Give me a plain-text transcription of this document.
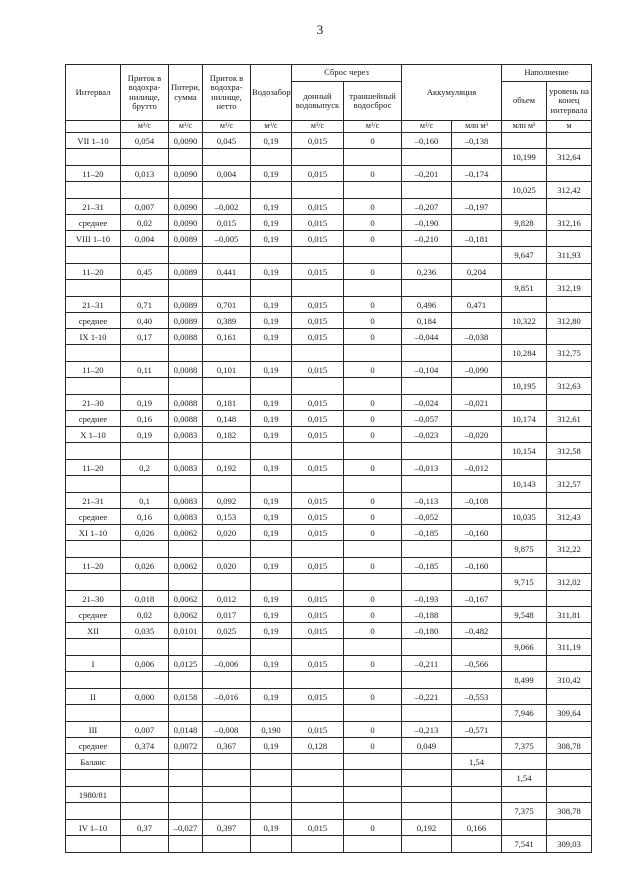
3
Интервал	Приток в водохра-нилище, брутто	Потери, сумма	Приток в водохра-нилище, нетто	Водозабор	Сброс через		Аккумуляция		Наполнение	
					донный водовыпуск	траншейный водосброс			объем	уровень на конец интервала
	м³/с	м³/с	м³/с	м³/с	м³/с	м³/с	м³/с	млн м³	млн м³	м
VII 1–10	0,054	0,0090	0,045	0,19	0,015	0	–0,160	–0,138		
									10,199	312,64
11–20	0,013	0,0090	0,004	0,19	0,015	0	–0,201	–0,174		
									10,025	312,42
21–31	0,007	0,0090	–0,002	0,19	0,015	0	–0,207	–0,197		
среднее	0,02	0,0090	0,015	0,19	0,015	0	–0,190		9,828	312,16
VIII 1–10	0,004	0,0089	–0,005	0,19	0,015	0	–0,210	–0,181		
									9,647	311,93
11–20	0,45	0,0089	0,441	0,19	0,015	0	0,236	0,204		
									9,851	312,19
21–31	0,71	0,0089	0,701	0,19	0,015	0	0,496	0,471		
среднее	0,40	0,0089	0,389	0,19	0,015	0	0,184		10,322	312,80
IX 1-10	0,17	0,0088	0,161	0,19	0,015	0	–0,044	–0,038		
									10,284	312,75
11–20	0,11	0,0088	0,101	0,19	0,015	0	–0,104	–0,090		
									10,195	312,63
21–30	0,19	0,0088	0,181	0,19	0,015	0	–0,024	–0,021		
среднее	0,16	0,0088	0,148	0,19	0,015	0	–0,057		10,174	312,61
X 1–10	0,19	0,0083	0,182	0,19	0,015	0	–0,023	–0,020		
									10,154	312,58
11–20	0,2	0,0083	0,192	0,19	0,015	0	–0,013	–0,012		
									10,143	312,57
21–31	0,1	0,0083	0,092	0,19	0,015	0	–0,113	–0,108		
среднее	0,16	0,0083	0,153	0,19	0,015	0	–0,052		10,035	312,43
XI 1–10	0,026	0,0062	0,020	0,19	0,015	0	–0,185	–0,160		
									9,875	312,22
11–20	0,026	0,0062	0,020	0,19	0,015	0	–0,185	–0,160		
									9,715	312,02
21–30	0,018	0,0062	0,012	0,19	0,015	0	–0,193	–0,167		
среднее	0,02	0,0062	0,017	0,19	0,015	0	–0,188		9,548	311,81
XII	0,035	0,0101	0,025	0,19	0,015	0	–0,180	–0,482		
									9,066	311,19
I	0,006	0,0125	–0,006	0,19	0,015	0	–0,211	–0,566		
									8,499	310,42
II	0,000	0,0158	–0,016	0,19	0,015	0	–0,221	–0,553		
									7,946	309,64
III	0,007	0,0148	–0,008	0,190	0,015	0	–0,213	–0,571		
среднее	0,374	0,0072	0,367	0,19	0,128	0	0,049		7,375	308,78
Баланс								1,54		
									1,54	
1980/81										
									7,375	308,78
IV 1–10	0,37	–0,027	0,397	0,19	0,015	0	0,192	0,166		
									7,541	309,03
